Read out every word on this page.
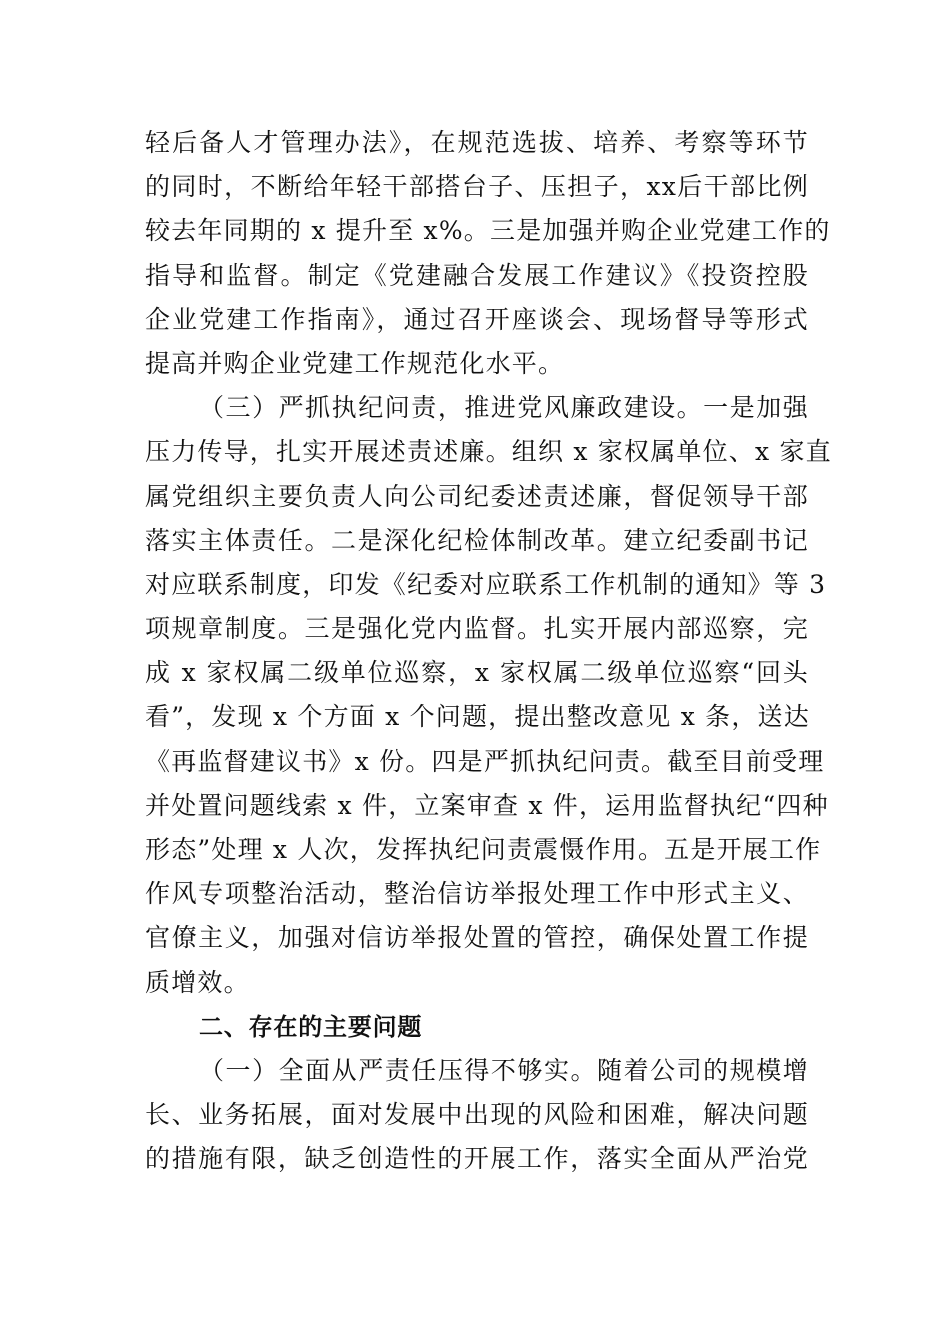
轻后备人才管理办法》，在规范选拔、培养、考察等环节
的同时，不断给年轻干部搭台子、压担子，xx后干部比例
较去年同期的 x 提升至 x%。三是加强并购企业党建工作的
指导和监督。制定《党建融合发展工作建议》《投资控股
企业党建工作指南》，通过召开座谈会、现场督导等形式
提高并购企业党建工作规范化水平。
（三）严抓执纪问责，推进党风廉政建设。一是加强
压力传导，扎实开展述责述廉。组织 x 家权属单位、x 家直
属党组织主要负责人向公司纪委述责述廉，督促领导干部
落实主体责任。二是深化纪检体制改革。建立纪委副书记
对应联系制度，印发《纪委对应联系工作机制的通知》等 3
项规章制度。三是强化党内监督。扎实开展内部巡察，完
成 x 家权属二级单位巡察，x 家权属二级单位巡察“回头
看”，发现 x 个方面 x 个问题，提出整改意见 x 条，送达
《再监督建议书》x 份。四是严抓执纪问责。截至目前受理
并处置问题线索 x 件，立案审查 x 件，运用监督执纪“四种
形态”处理 x 人次，发挥执纪问责震慑作用。五是开展工作
作风专项整治活动，整治信访举报处理工作中形式主义、
官僚主义，加强对信访举报处置的管控，确保处置工作提
质增效。
二、存在的主要问题
（一）全面从严责任压得不够实。随着公司的规模增
长、业务拓展，面对发展中出现的风险和困难，解决问题
的措施有限，缺乏创造性的开展工作，落实全面从严治党
